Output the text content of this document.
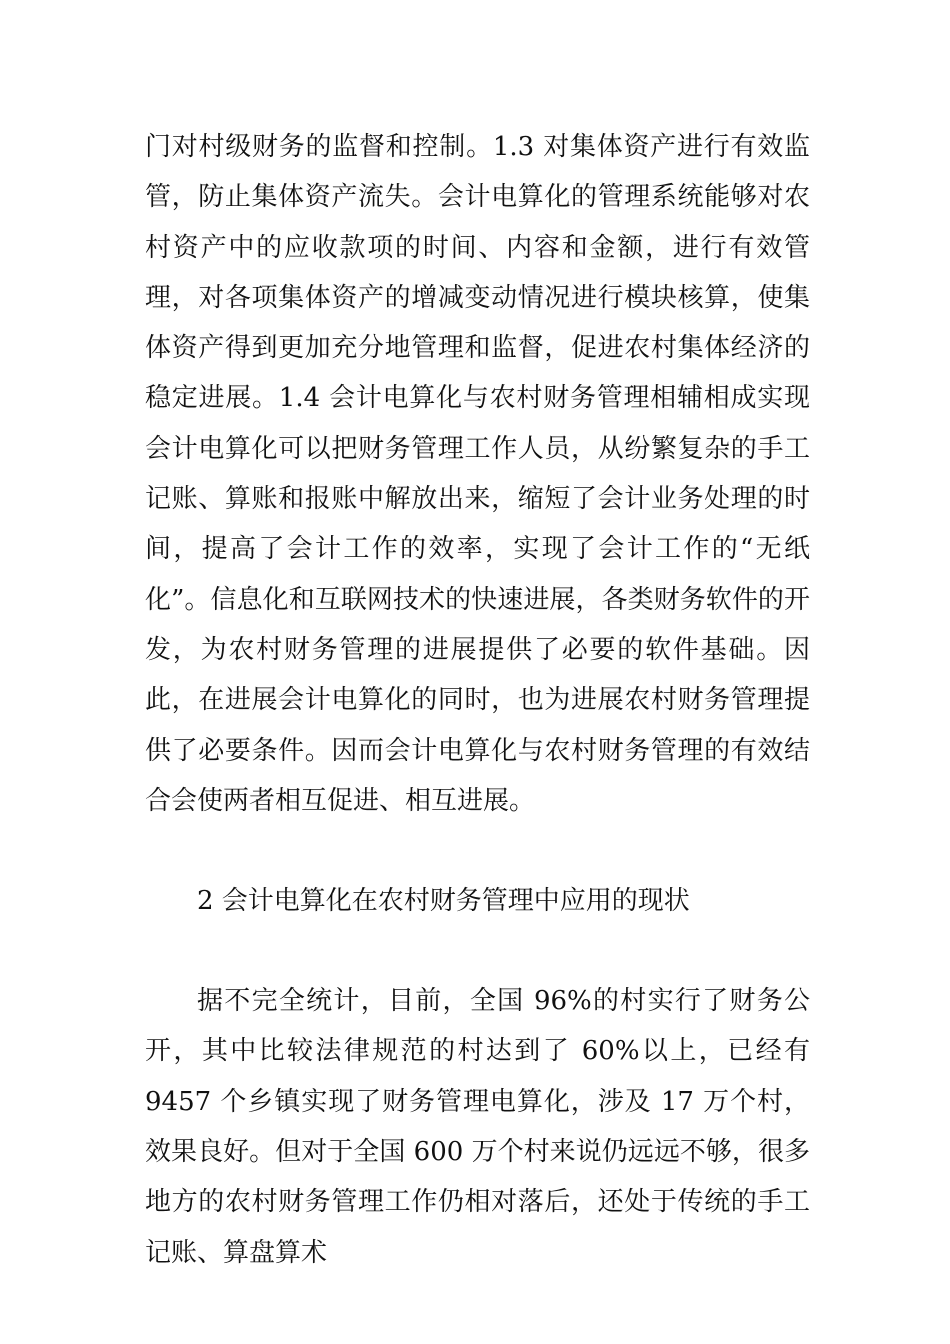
门对村级财务的监督和控制。1.3 对集体资产进行有效监管，防止集体资产流失。会计电算化的管理系统能够对农村资产中的应收款项的时间、内容和金额，进行有效管理，对各项集体资产的增减变动情况进行模块核算，使集体资产得到更加充分地管理和监督，促进农村集体经济的稳定进展。1.4 会计电算化与农村财务管理相辅相成实现会计电算化可以把财务管理工作人员，从纷繁复杂的手工记账、算账和报账中解放出来，缩短了会计业务处理的时间，提高了会计工作的效率，实现了会计工作的“无纸化”。信息化和互联网技术的快速进展，各类财务软件的开发，为农村财务管理的进展提供了必要的软件基础。因此，在进展会计电算化的同时，也为进展农村财务管理提供了必要条件。因而会计电算化与农村财务管理的有效结合会使两者相互促进、相互进展。

2 会计电算化在农村财务管理中应用的现状

据不完全统计，目前，全国 96%的村实行了财务公开，其中比较法律规范的村达到了 60%以上，已经有 9457 个乡镇实现了财务管理电算化，涉及 17 万个村，效果良好。但对于全国 600 万个村来说仍远远不够，很多地方的农村财务管理工作仍相对落后，还处于传统的手工记账、算盘算术
